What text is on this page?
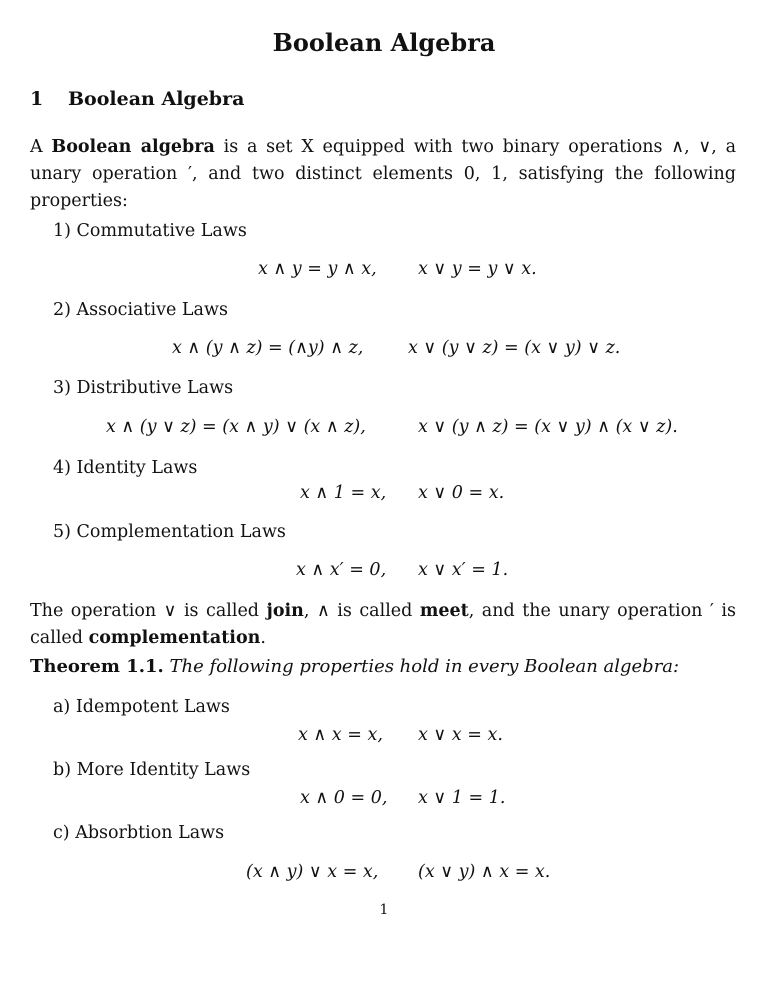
Boolean Algebra
1 Boolean Algebra
A Boolean algebra is a set X equipped with two binary operations ∧, ∨, a unary operation ′, and two distinct elements 0, 1, satisfying the following properties:
1) Commutative Laws
x ∧ y = y ∧ x, x ∨ y = y ∨ x.
2) Associative Laws
x ∧ (y ∧ z) = (∧y) ∧ z,	x ∨ (y ∨ z) = (x ∨ y) ∨ z.
3) Distributive Laws
x ∧ (y ∨ z) = (x ∧ y) ∨ (x ∧ z),	x ∨ (y ∧ z) = (x ∨ y) ∧ (x ∨ z).
4) Identity Laws
x ∧ 1 = x, x ∨ 0 = x.
5) Complementation Laws
x ∧ x′ = 0, x ∨ x′ = 1.
The operation ∨ is called join, ∧ is called meet, and the unary operation ′ is called complementation.
Theorem 1.1. The following properties hold in every Boolean algebra:
a) Idempotent Laws
x ∧ x = x, x ∨ x = x.
b) More Identity Laws
x ∧ 0 = 0, x ∨ 1 = 1.
c) Absorbtion Laws
(x ∧ y) ∨ x = x, (x ∨ y) ∧ x = x.
1
